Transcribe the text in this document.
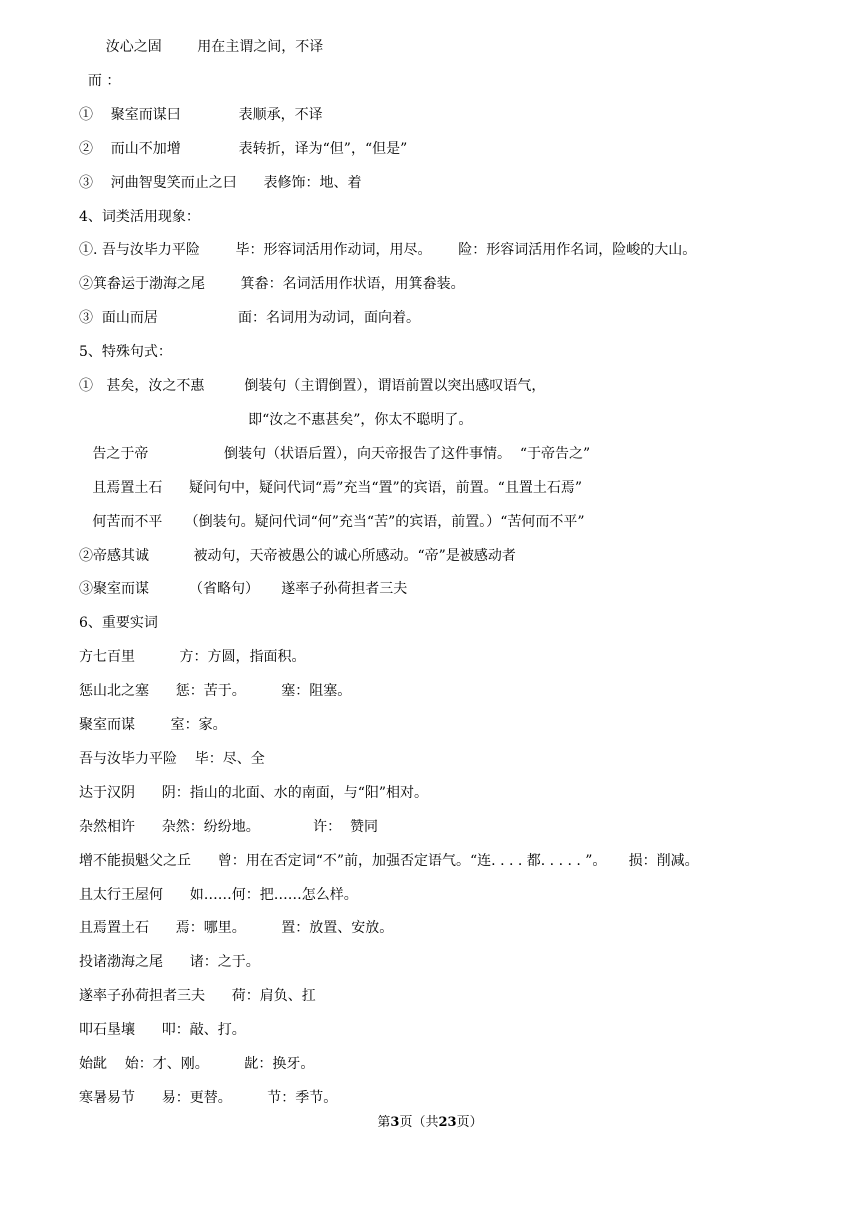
汝心之固        用在主谓之间，不译
而 ：
①    聚室而谋曰             表顺承，不译
②    而山不加增             表转折，译为“但”，“但是”
③    河曲智叟笑而止之曰      表修饰：地、着
4、词类活用现象：
①. 吾与汝毕力平险        毕：形容词活用作动词，用尽。      险：形容词活用作名词，险峻的大山。
②箕畚运于渤海之尾        箕畚：名词活用作状语，用箕畚装。
③  面山而居                  面：名词用为动词，面向着。
5、特殊句式：
①   甚矣，汝之不惠         倒装句（主谓倒置），谓语前置以突出感叹语气，
即“汝之不惠甚矣”，你太不聪明了。
告之于帝                 倒装句（状语后置），向天帝报告了这件事情。  “于帝告之”
且焉置土石      疑问句中，疑问代词“焉”充当“置”的宾语，前置。“且置土石焉”
何苦而不平     （倒装句。疑问代词“何”充当“苦”的宾语，前置。）“苦何而不平”
②帝感其诚          被动句，天帝被愚公的诚心所感动。“帝”是被感动者
③聚室而谋         （省略句）     遂率子孙荷担者三夫
6、重要实词
方七百里          方：方圆，指面积。
惩山北之塞      惩：苦于。        塞：阻塞。
聚室而谋        室：家。
吾与汝毕力平险    毕：尽、全
达于汉阴      阴：指山的北面、水的南面，与“阳”相对。
杂然相许      杂然：纷纷地。            许：  赞同
增不能损魁父之丘      曾：用在否定词“不”前，加强否定语气。“连. . . . 都. . . . . ”。     损：削减。
且太行王屋何      如……何：把……怎么样。
且焉置土石      焉：哪里。        置：放置、安放。
投诸渤海之尾      诸：之于。
遂率子孙荷担者三夫      荷：肩负、扛
叩石垦壤      叩：敲、打。
始龀    始：才、刚。        龀：换牙。
寒暑易节      易：更替。        节：季节。
第3页（共23页）
